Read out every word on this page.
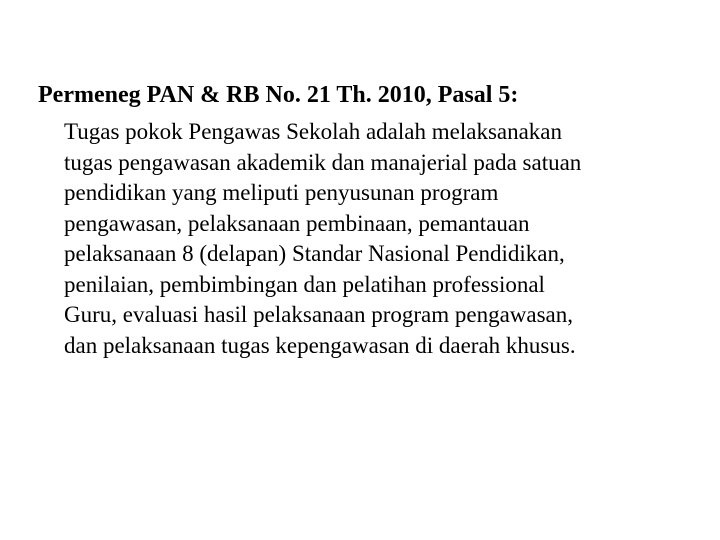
Permeneg PAN & RB No. 21 Th. 2010, Pasal 5:
Tugas pokok Pengawas Sekolah adalah melaksanakan
tugas pengawasan akademik dan manajerial pada satuan
pendidikan yang meliputi penyusunan program
pengawasan, pelaksanaan pembinaan, pemantauan
pelaksanaan 8 (delapan) Standar Nasional Pendidikan,
penilaian, pembimbingan dan pelatihan professional
Guru, evaluasi hasil pelaksanaan program pengawasan,
dan pelaksanaan tugas kepengawasan di daerah khusus.
